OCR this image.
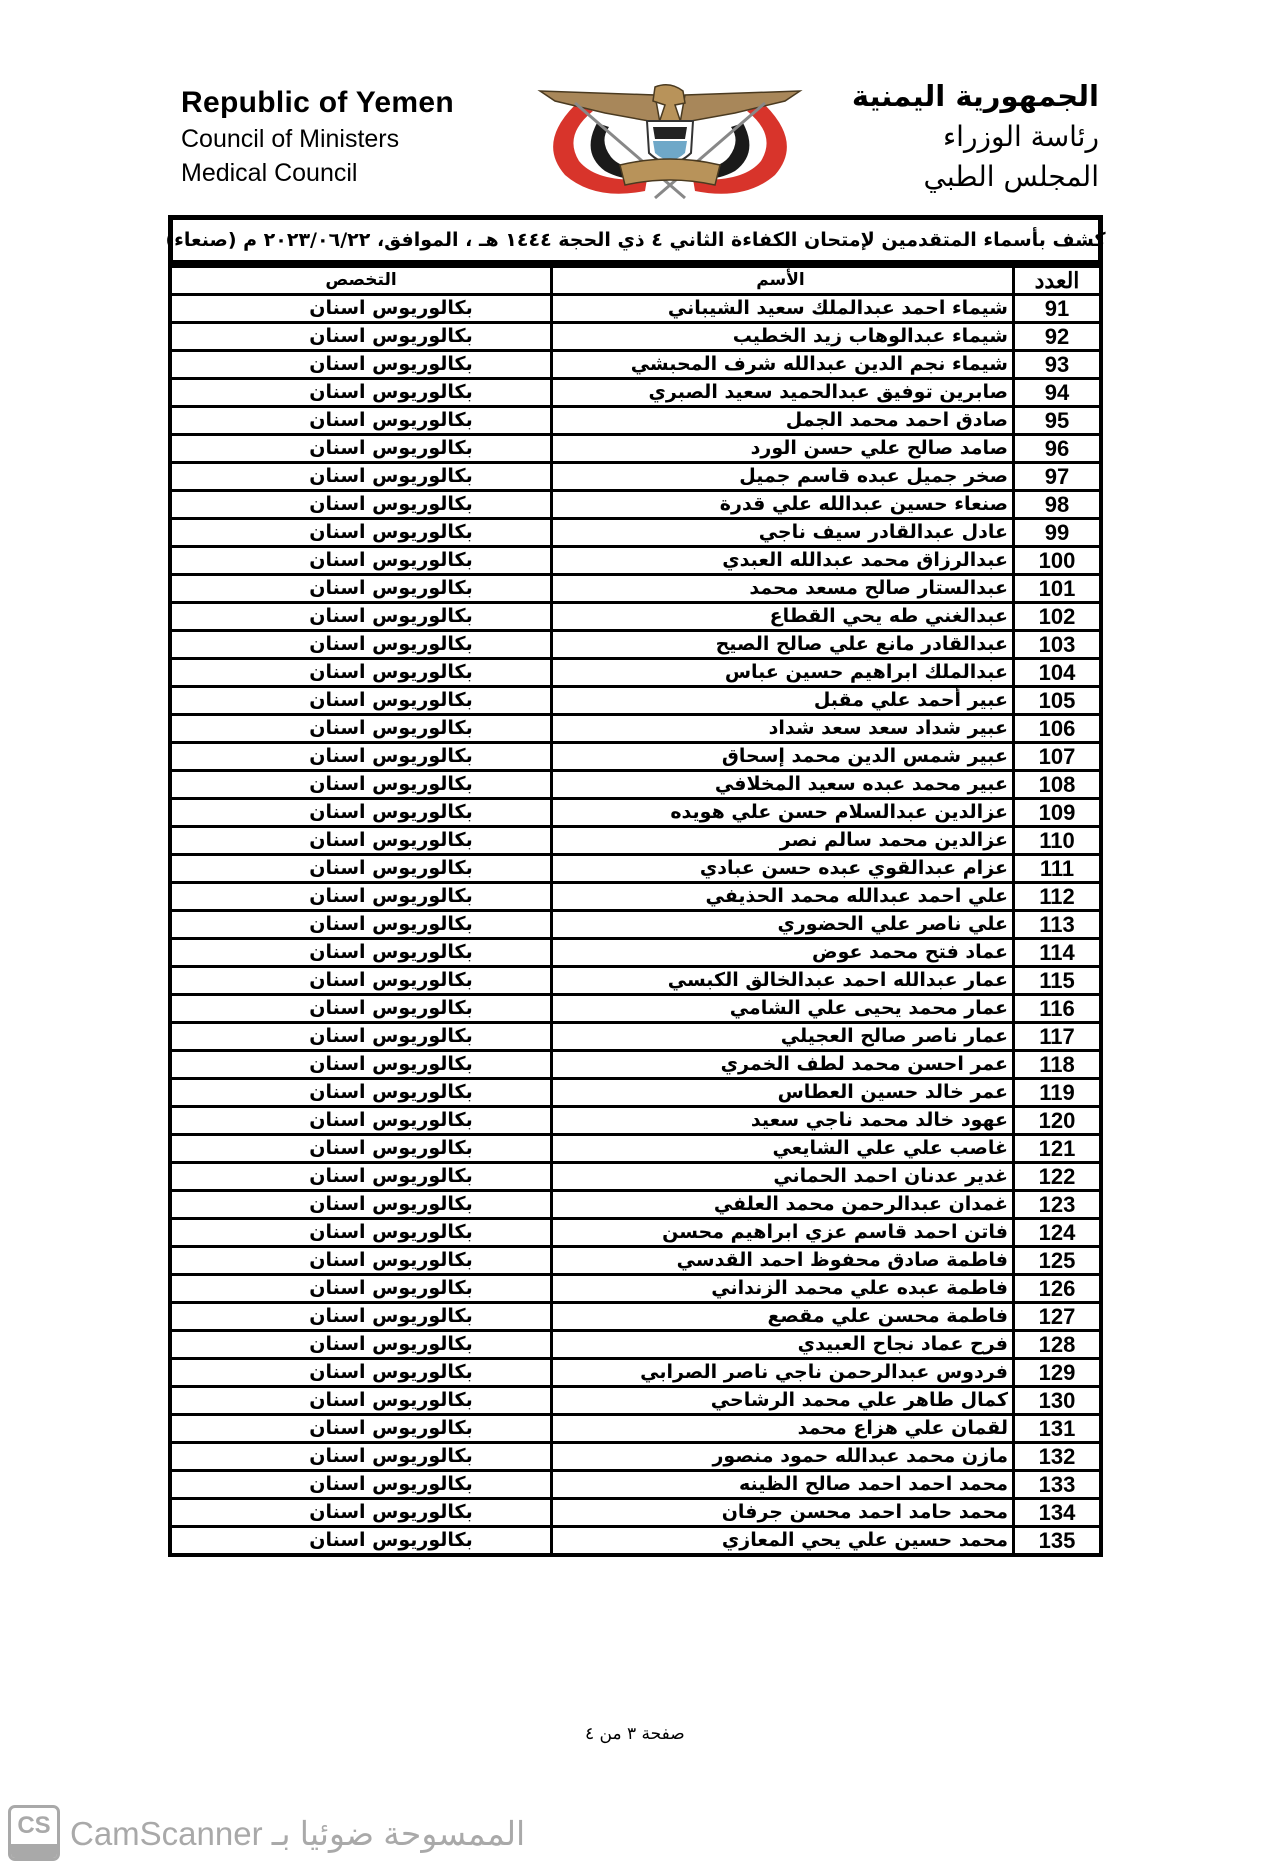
Republic of Yemen
Council of Ministers
Medical Council
الجمهورية اليمنية
رئاسة الوزراء
المجلس الطبي
كشف بأسماء المتقدمين لإمتحان الكفاءة الثاني ٤ ذي الحجة ١٤٤٤ هـ ، الموافق، ٢٠٢٣/٠٦/٢٢ م (صنعاء)
العدد	الأسم	التخصص
91	شيماء احمد عبدالملك سعيد الشيباني	بكالوريوس اسنان
92	شيماء عبدالوهاب زيد الخطيب	بكالوريوس اسنان
93	شيماء نجم الدين عبدالله شرف المحبشي	بكالوريوس اسنان
94	صابرين توفيق عبدالحميد سعيد الصبري	بكالوريوس اسنان
95	صادق احمد محمد الجمل	بكالوريوس اسنان
96	صامد صالح علي حسن الورد	بكالوريوس اسنان
97	صخر جميل عبده قاسم جميل	بكالوريوس اسنان
98	صنعاء حسين عبدالله علي قدرة	بكالوريوس اسنان
99	عادل عبدالقادر سيف ناجي	بكالوريوس اسنان
100	عبدالرزاق محمد عبدالله العبدي	بكالوريوس اسنان
101	عبدالستار صالح مسعد محمد	بكالوريوس اسنان
102	عبدالغني طه يحي القطاع	بكالوريوس اسنان
103	عبدالقادر مانع علي صالح الصيح	بكالوريوس اسنان
104	عبدالملك ابراهيم حسين عباس	بكالوريوس اسنان
105	عبير أحمد علي مقبل	بكالوريوس اسنان
106	عبير شداد سعد سعد شداد	بكالوريوس اسنان
107	عبير شمس الدين محمد إسحاق	بكالوريوس اسنان
108	عبير محمد عبده سعيد المخلافي	بكالوريوس اسنان
109	عزالدين عبدالسلام حسن علي هويده	بكالوريوس اسنان
110	عزالدين محمد سالم نصر	بكالوريوس اسنان
111	عزام عبدالقوي عبده حسن عبادي	بكالوريوس اسنان
112	علي احمد عبدالله محمد الحذيفي	بكالوريوس اسنان
113	علي ناصر علي الحضوري	بكالوريوس اسنان
114	عماد فتح محمد عوض	بكالوريوس اسنان
115	عمار عبدالله احمد عبدالخالق الكبسي	بكالوريوس اسنان
116	عمار محمد يحيى علي الشامي	بكالوريوس اسنان
117	عمار ناصر صالح العجيلي	بكالوريوس اسنان
118	عمر احسن محمد لطف الخمري	بكالوريوس اسنان
119	عمر خالد حسين العطاس	بكالوريوس اسنان
120	عهود خالد محمد ناجي سعيد	بكالوريوس اسنان
121	غاصب علي علي الشايعي	بكالوريوس اسنان
122	غدير عدنان احمد الحماني	بكالوريوس اسنان
123	غمدان عبدالرحمن محمد العلفي	بكالوريوس اسنان
124	فاتن احمد قاسم عزي ابراهيم محسن	بكالوريوس اسنان
125	فاطمة صادق محفوظ احمد القدسي	بكالوريوس اسنان
126	فاطمة عبده علي محمد الزنداني	بكالوريوس اسنان
127	فاطمة محسن علي مقصع	بكالوريوس اسنان
128	فرح عماد نجاح العبيدي	بكالوريوس اسنان
129	فردوس عبدالرحمن ناجي ناصر الصرابي	بكالوريوس اسنان
130	كمال طاهر علي محمد الرشاحي	بكالوريوس اسنان
131	لقمان علي هزاع محمد	بكالوريوس اسنان
132	مازن محمد عبدالله حمود منصور	بكالوريوس اسنان
133	محمد احمد احمد صالح الظينه	بكالوريوس اسنان
134	محمد حامد احمد محسن جرفان	بكالوريوس اسنان
135	محمد حسين علي يحي المعازي	بكالوريوس اسنان
صفحة ٣ من ٤
CS CamScanner الممسوحة ضوئيا بـ
